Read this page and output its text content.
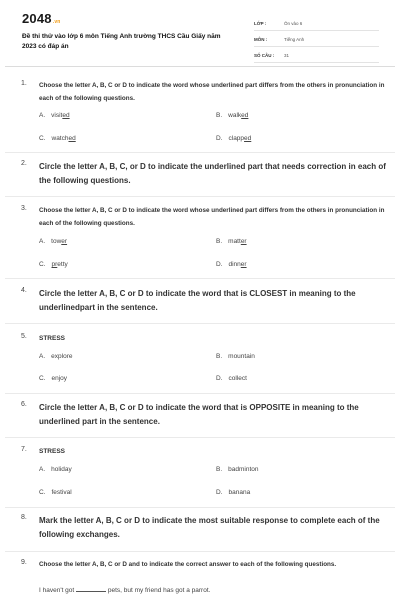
2048.vn
Đề thi thử vào lớp 6 môn Tiếng Anh trường THCS Cầu Giấy năm 2023 có đáp án
LỚP :	Ôn vào 6
MÔN :	Tiếng Anh
SỐ CÂU :	31
1. Choose the letter A, B, C or D to indicate the word whose underlined part differs from the others in pronunciation in each of the following questions.
A. visited	B. walked
C. watched	D. clapped
2. Circle the letter A, B, C, or D to indicate the underlined part that needs correction in each of the following questions.
3. Choose the letter A, B, C or D to indicate the word whose underlined part differs from the others in pronunciation in each of the following questions.
A. tower	B. matter
C. pretty	D. dinner
4. Circle the letter A, B, C or D to indicate the word that is CLOSEST in meaning to the underlinedpart in the sentence.
5. STRESS
A. explore	B. mountain
C. enjoy	D. collect
6. Circle the letter A, B, C or D to indicate the word that is OPPOSITE in meaning to the underlined part in the sentence.
7. STRESS
A. holiday	B. badminton
C. festival	D. banana
8. Mark the letter A, B, C or D to indicate the most suitable response to complete each of the following exchanges.
9. Choose the letter A, B, C or D and to indicate the correct answer to each of the following questions.
I haven't got	pets, but my friend has got a parrot.
